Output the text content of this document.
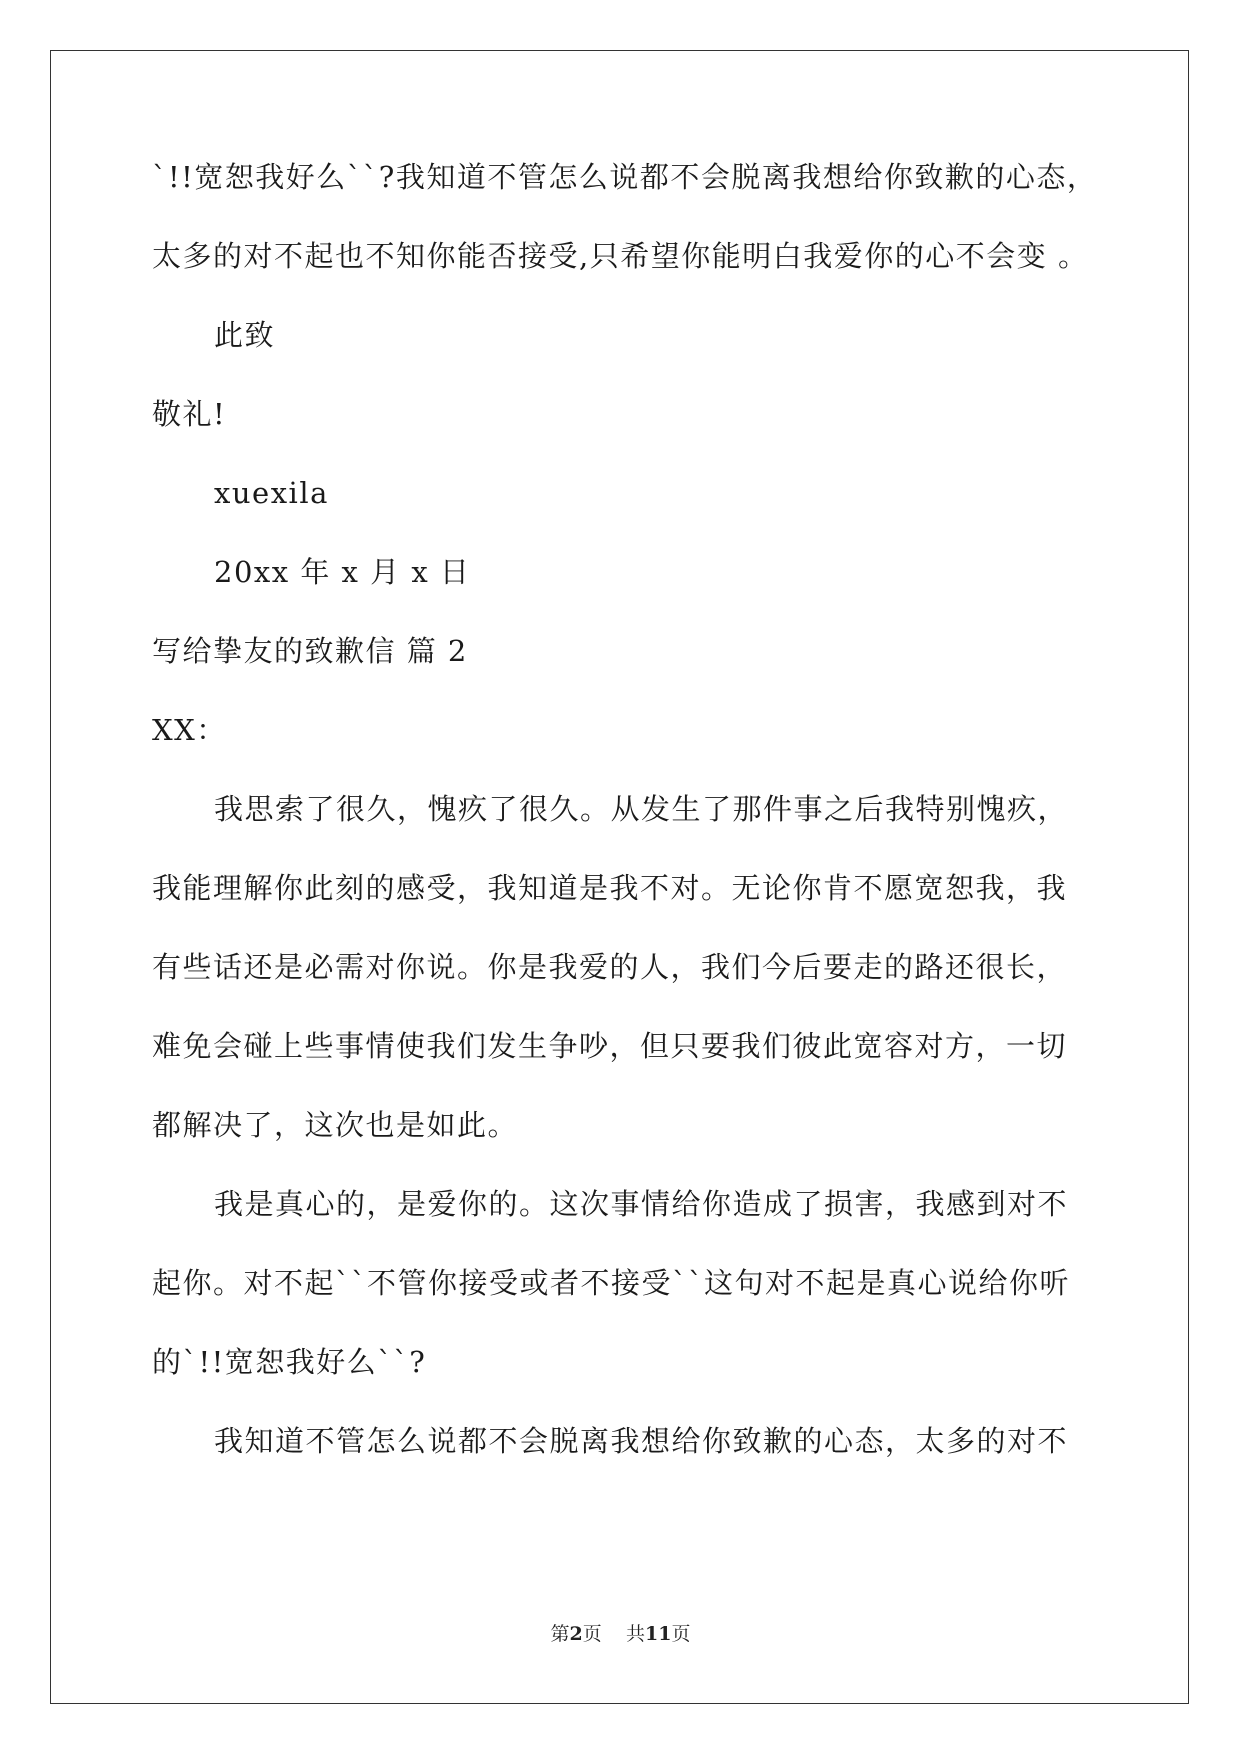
`!!宽恕我好么``?我知道不管怎么说都不会脱离我想给你致歉的心态，
太多的对不起也不知你能否接受,只希望你能明白我爱你的心不会变 。
此致
敬礼!
xuexila
20xx 年 x 月 x 日
写给挚友的致歉信 篇 2
XX：
我思索了很久，愧疚了很久。从发生了那件事之后我特别愧疚，
我能理解你此刻的感受，我知道是我不对。无论你肯不愿宽恕我，我
有些话还是必需对你说。你是我爱的人，我们今后要走的路还很长，
难免会碰上些事情使我们发生争吵，但只要我们彼此宽容对方，一切
都解决了，这次也是如此。
我是真心的，是爱你的。这次事情给你造成了损害，我感到对不
起你。对不起``不管你接受或者不接受``这句对不起是真心说给你听
的`!!宽恕我好么``?
我知道不管怎么说都不会脱离我想给你致歉的心态，太多的对不
第2页 共11页
